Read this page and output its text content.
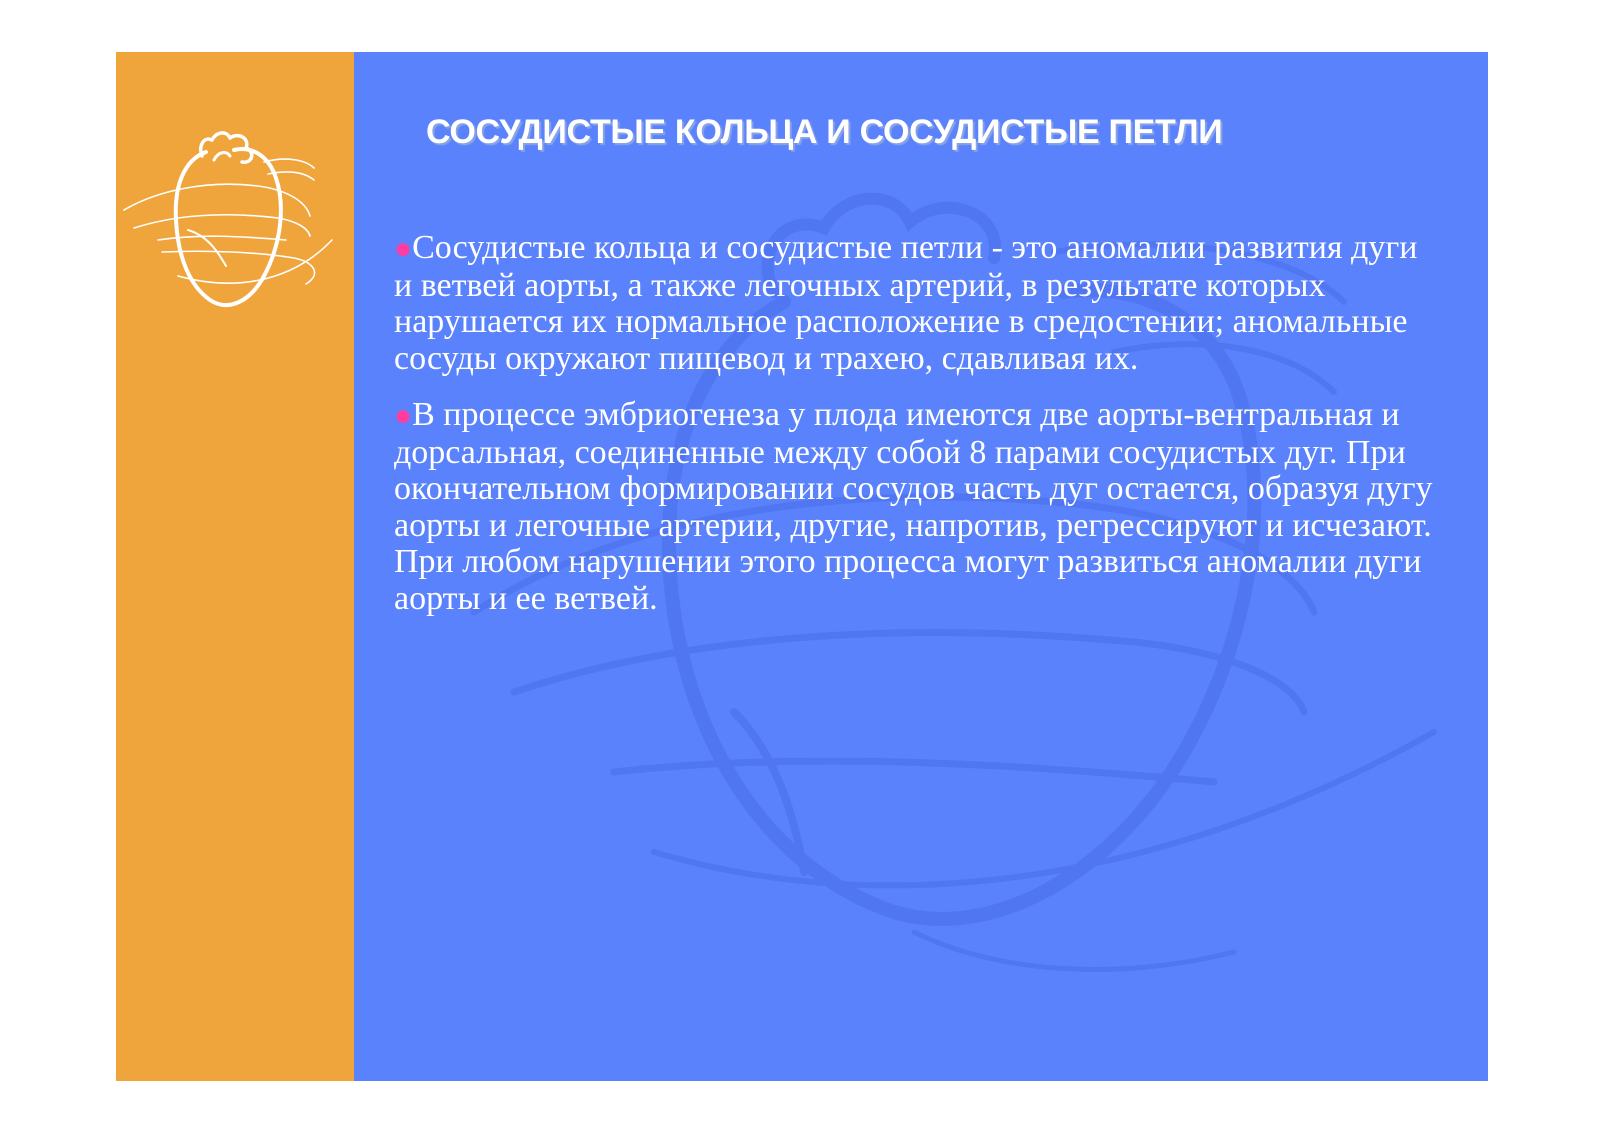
СОСУДИСТЫЕ КОЛЬЦА И СОСУДИСТЫЕ ПЕТЛИ

●Сосудистые кольца и сосудистые петли - это аномалии развития дуги и ветвей аорты, а также легочных артерий, в результате которых нарушается их нормальное расположение в средостении; аномальные сосуды окружают пищевод и трахею, сдавливая их.

●В процессе эмбриогенеза у плода имеются две аорты-вентральная и дорсальная, соединенные между собой 8 парами сосудистых дуг. При окончательном формировании сосудов часть дуг остается, образуя дугу аорты и легочные артерии, другие, напротив, регрессируют и исчезают. При любом нарушении этого процесса могут развиться аномалии дуги аорты и ее ветвей.
